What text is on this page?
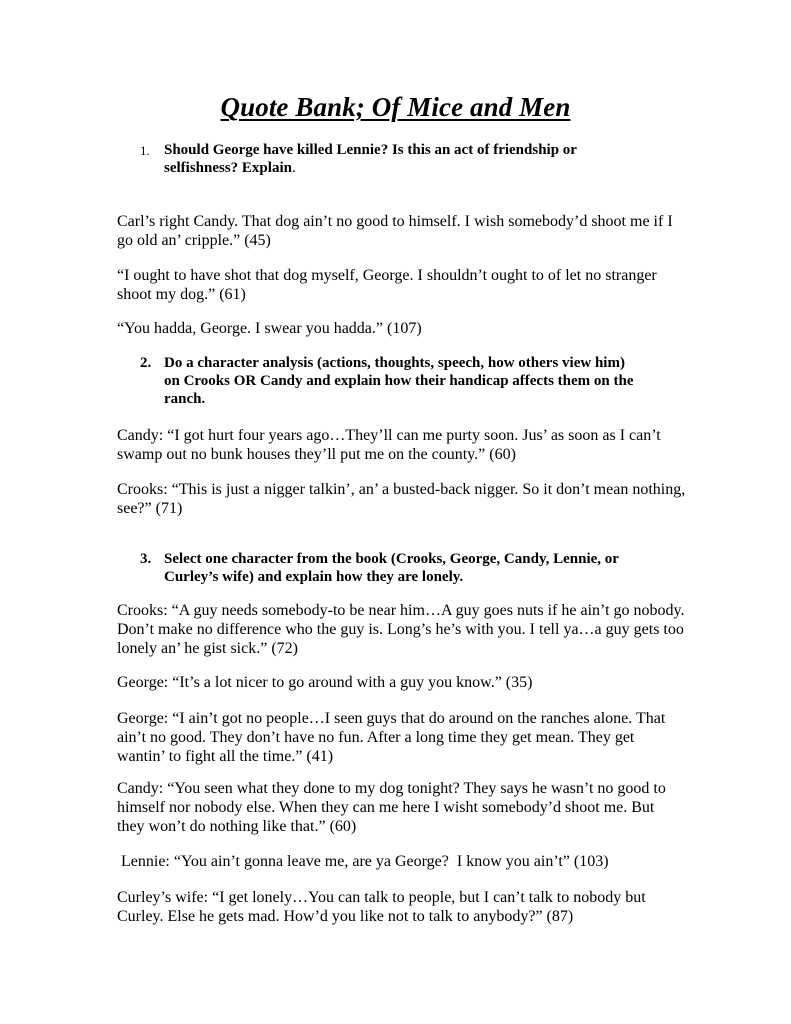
Quote Bank; Of Mice and Men
1. Should George have killed Lennie? Is this an act of friendship or
selfishness? Explain.
Carl’s right Candy. That dog ain’t no good to himself. I wish somebody’d shoot me if I
go old an’ cripple.” (45)
“I ought to have shot that dog myself, George. I shouldn’t ought to of let no stranger
shoot my dog.” (61)
“You hadda, George. I swear you hadda.” (107)
2. Do a character analysis (actions, thoughts, speech, how others view him)
on Crooks OR Candy and explain how their handicap affects them on the
ranch.
Candy: “I got hurt four years ago…They’ll can me purty soon. Jus’ as soon as I can’t
swamp out no bunk houses they’ll put me on the county.” (60)
Crooks: “This is just a nigger talkin’, an’ a busted-back nigger. So it don’t mean nothing,
see?” (71)
3. Select one character from the book (Crooks, George, Candy, Lennie, or
Curley’s wife) and explain how they are lonely.
Crooks: “A guy needs somebody-to be near him…A guy goes nuts if he ain’t go nobody.
Don’t make no difference who the guy is. Long’s he’s with you. I tell ya…a guy gets too
lonely an’ he gist sick.” (72)
George: “It’s a lot nicer to go around with a guy you know.” (35)
George: “I ain’t got no people…I seen guys that do around on the ranches alone. That
ain’t no good. They don’t have no fun. After a long time they get mean. They get
wantin’ to fight all the time.” (41)
Candy: “You seen what they done to my dog tonight? They says he wasn’t no good to
himself nor nobody else. When they can me here I wisht somebody’d shoot me. But
they won’t do nothing like that.” (60)
Lennie: “You ain’t gonna leave me, are ya George?  I know you ain’t” (103)
Curley’s wife: “I get lonely…You can talk to people, but I can’t talk to nobody but
Curley. Else he gets mad. How’d you like not to talk to anybody?” (87)
